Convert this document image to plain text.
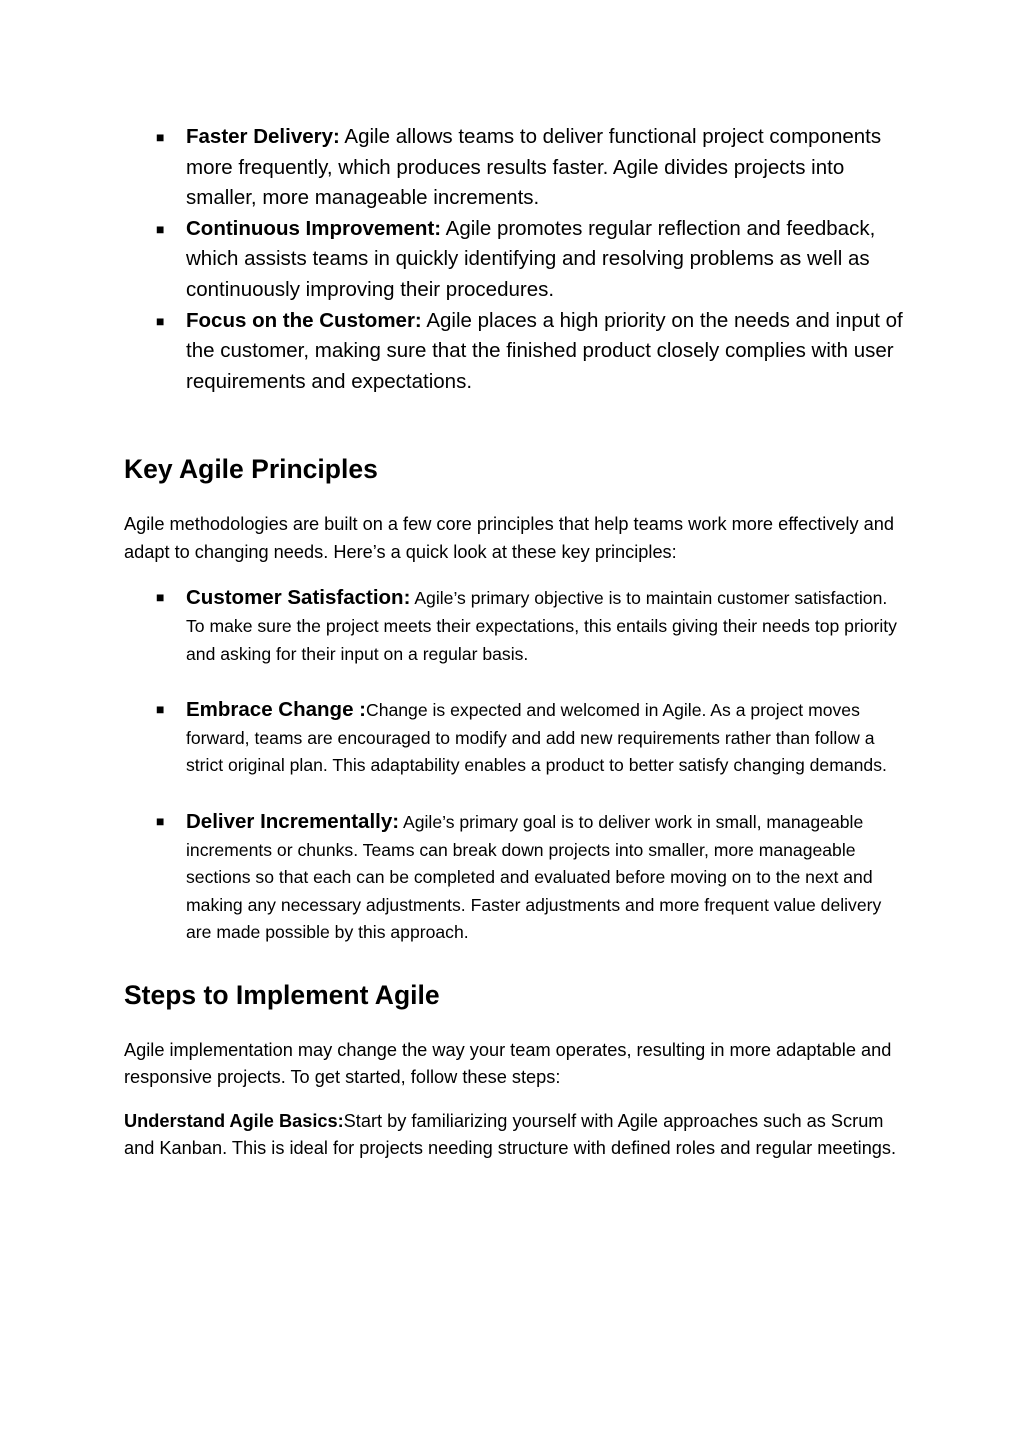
■ Faster Delivery: Agile allows teams to deliver functional project components more frequently, which produces results faster. Agile divides projects into smaller, more manageable increments.
■ Continuous Improvement: Agile promotes regular reflection and feedback, which assists teams in quickly identifying and resolving problems as well as continuously improving their procedures.
■ Focus on the Customer: Agile places a high priority on the needs and input of the customer, making sure that the finished product closely complies with user requirements and expectations.
Key Agile Principles

Agile methodologies are built on a few core principles that help teams work more effectively and adapt to changing needs. Here’s a quick look at these key principles:

■ Customer Satisfaction: Agile’s primary objective is to maintain customer satisfaction. To make sure the project meets their expectations, this entails giving their needs top priority and asking for their input on a regular basis.
■ Embrace Change :Change is expected and welcomed in Agile. As a project moves forward, teams are encouraged to modify and add new requirements rather than follow a strict original plan. This adaptability enables a product to better satisfy changing demands.
■ Deliver Incrementally: Agile’s primary goal is to deliver work in small, manageable increments or chunks. Teams can break down projects into smaller, more manageable sections so that each can be completed and evaluated before moving on to the next and making any necessary adjustments. Faster adjustments and more frequent value delivery are made possible by this approach.
Steps to Implement Agile

Agile implementation may change the way your team operates, resulting in more adaptable and responsive projects. To get started, follow these steps:

Understand Agile Basics:Start by familiarizing yourself with Agile approaches such as Scrum and Kanban. This is ideal for projects needing structure with defined roles and regular meetings.
